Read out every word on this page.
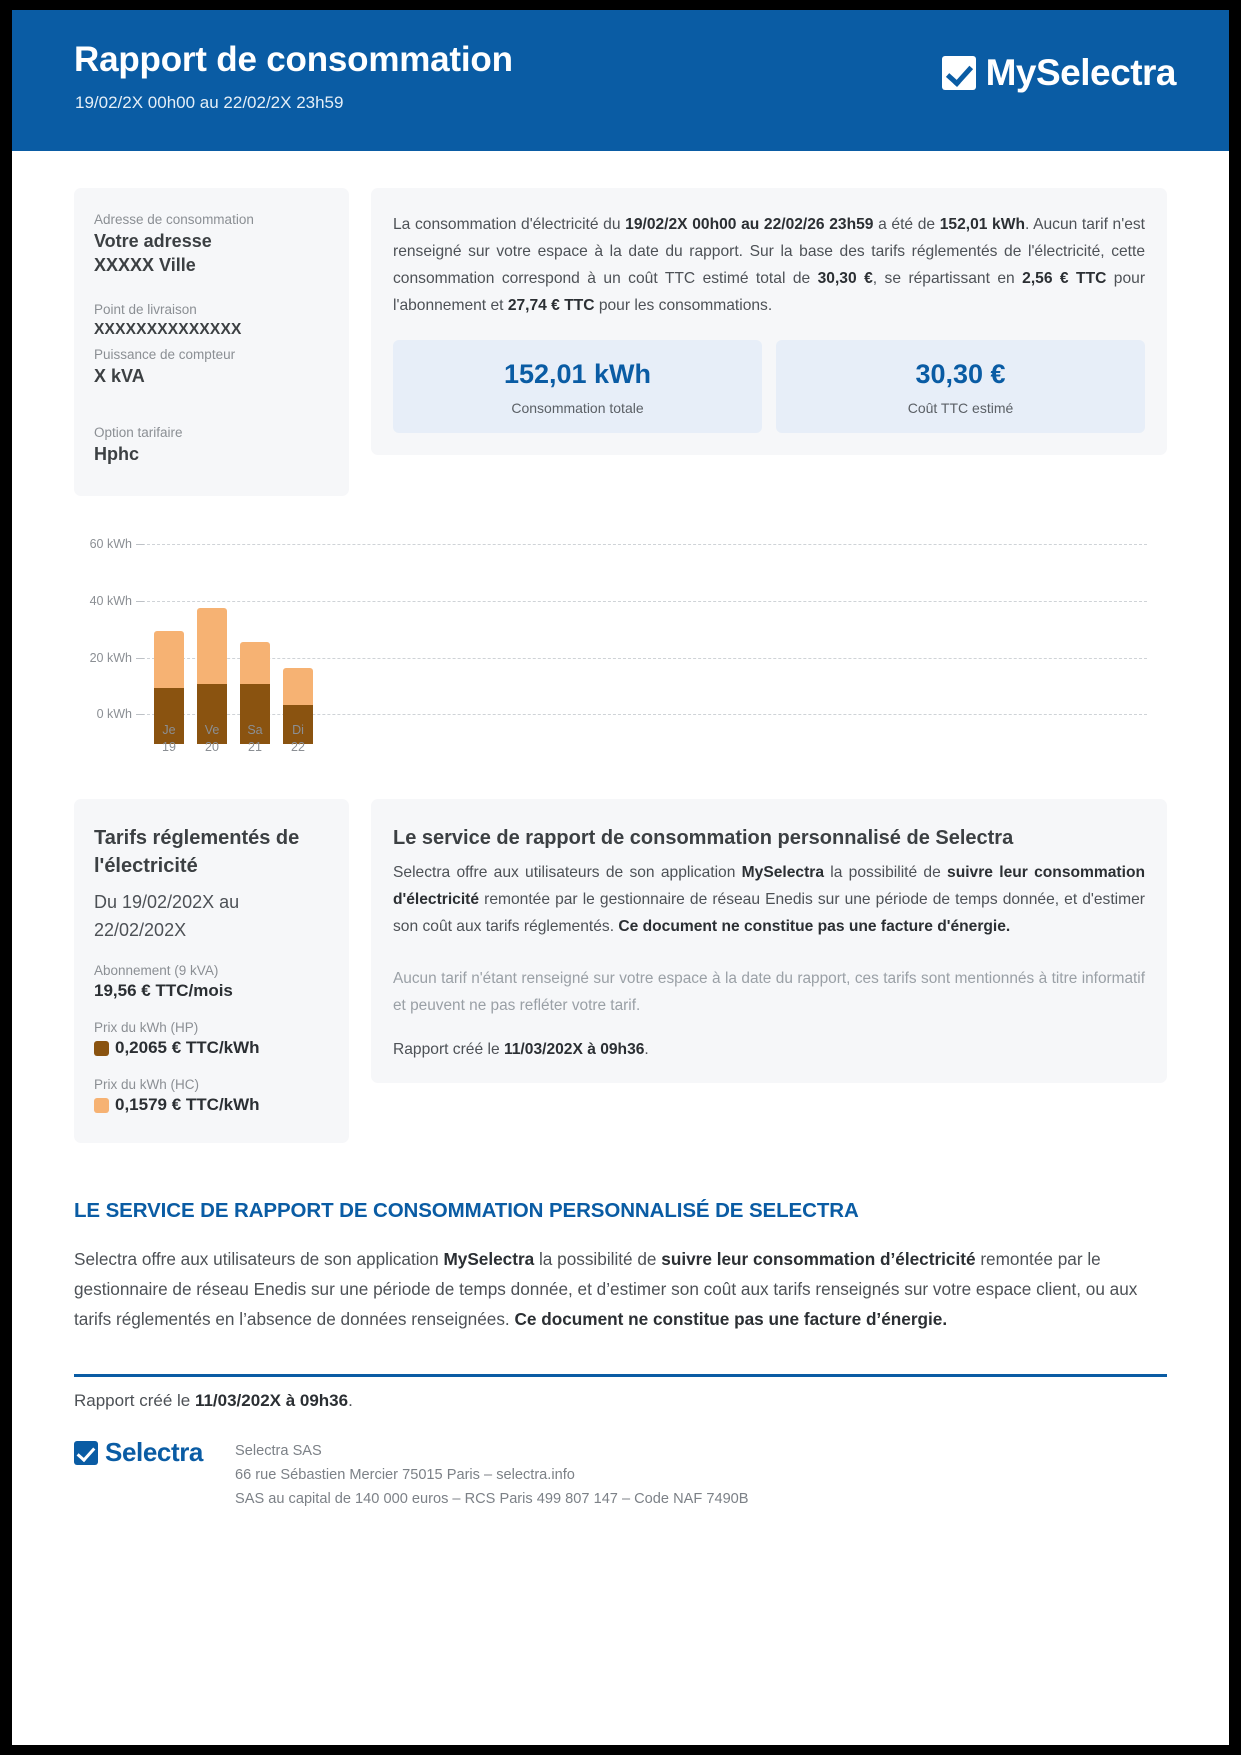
Rapport de consommation
19/02/2X 00h00 au 22/02/2X 23h59
MySelectra
Adresse de consommation
Votre adresse
XXXXX Ville
Point de livraison
XXXXXXXXXXXXXX
Puissance de compteur
X kVA
Option tarifaire
Hphc
La consommation d'électricité du 19/02/2X 00h00 au 22/02/26 23h59 a été de 152,01 kWh. Aucun tarif n'est renseigné sur votre espace à la date du rapport. Sur la base des tarifs réglementés de l'électricité, cette consommation correspond à un coût TTC estimé total de 30,30 €, se répartissant en 2,56 € TTC pour l'abonnement et 27,74 € TTC pour les consommations.
152,01 kWh
Consommation totale
30,30 €
Coût TTC estimé
0 kWh
20 kWh
40 kWh
60 kWh
Je
19
Ve
20
Sa
21
Di
22
Tarifs réglementés de l'électricité
Du 19/02/202X au 22/02/202X
Abonnement (9 kVA)
19,56 € TTC/mois
Prix du kWh (HP)
0,2065 € TTC/kWh
Prix du kWh (HC)
0,1579 € TTC/kWh
Le service de rapport de consommation personnalisé de Selectra
Selectra offre aux utilisateurs de son application MySelectra la possibilité de suivre leur consommation d'électricité remontée par le gestionnaire de réseau Enedis sur une période de temps donnée, et d'estimer son coût aux tarifs réglementés. Ce document ne constitue pas une facture d'énergie.
Aucun tarif n'étant renseigné sur votre espace à la date du rapport, ces tarifs sont mentionnés à titre informatif et peuvent ne pas refléter votre tarif.
Rapport créé le 11/03/202X à 09h36.
LE SERVICE DE RAPPORT DE CONSOMMATION PERSONNALISÉ DE SELECTRA
Selectra offre aux utilisateurs de son application MySelectra la possibilité de suivre leur consommation d’électricité remontée par le gestionnaire de réseau Enedis sur une période de temps donnée, et d’estimer son coût aux tarifs renseignés sur votre espace client, ou aux tarifs réglementés en l’absence de données renseignées. Ce document ne constitue pas une facture d’énergie.
Rapport créé le 11/03/202X à 09h36.
Selectra Selectra SAS
66 rue Sébastien Mercier 75015 Paris – selectra.info
SAS au capital de 140 000 euros – RCS Paris 499 807 147 – Code NAF 7490B
